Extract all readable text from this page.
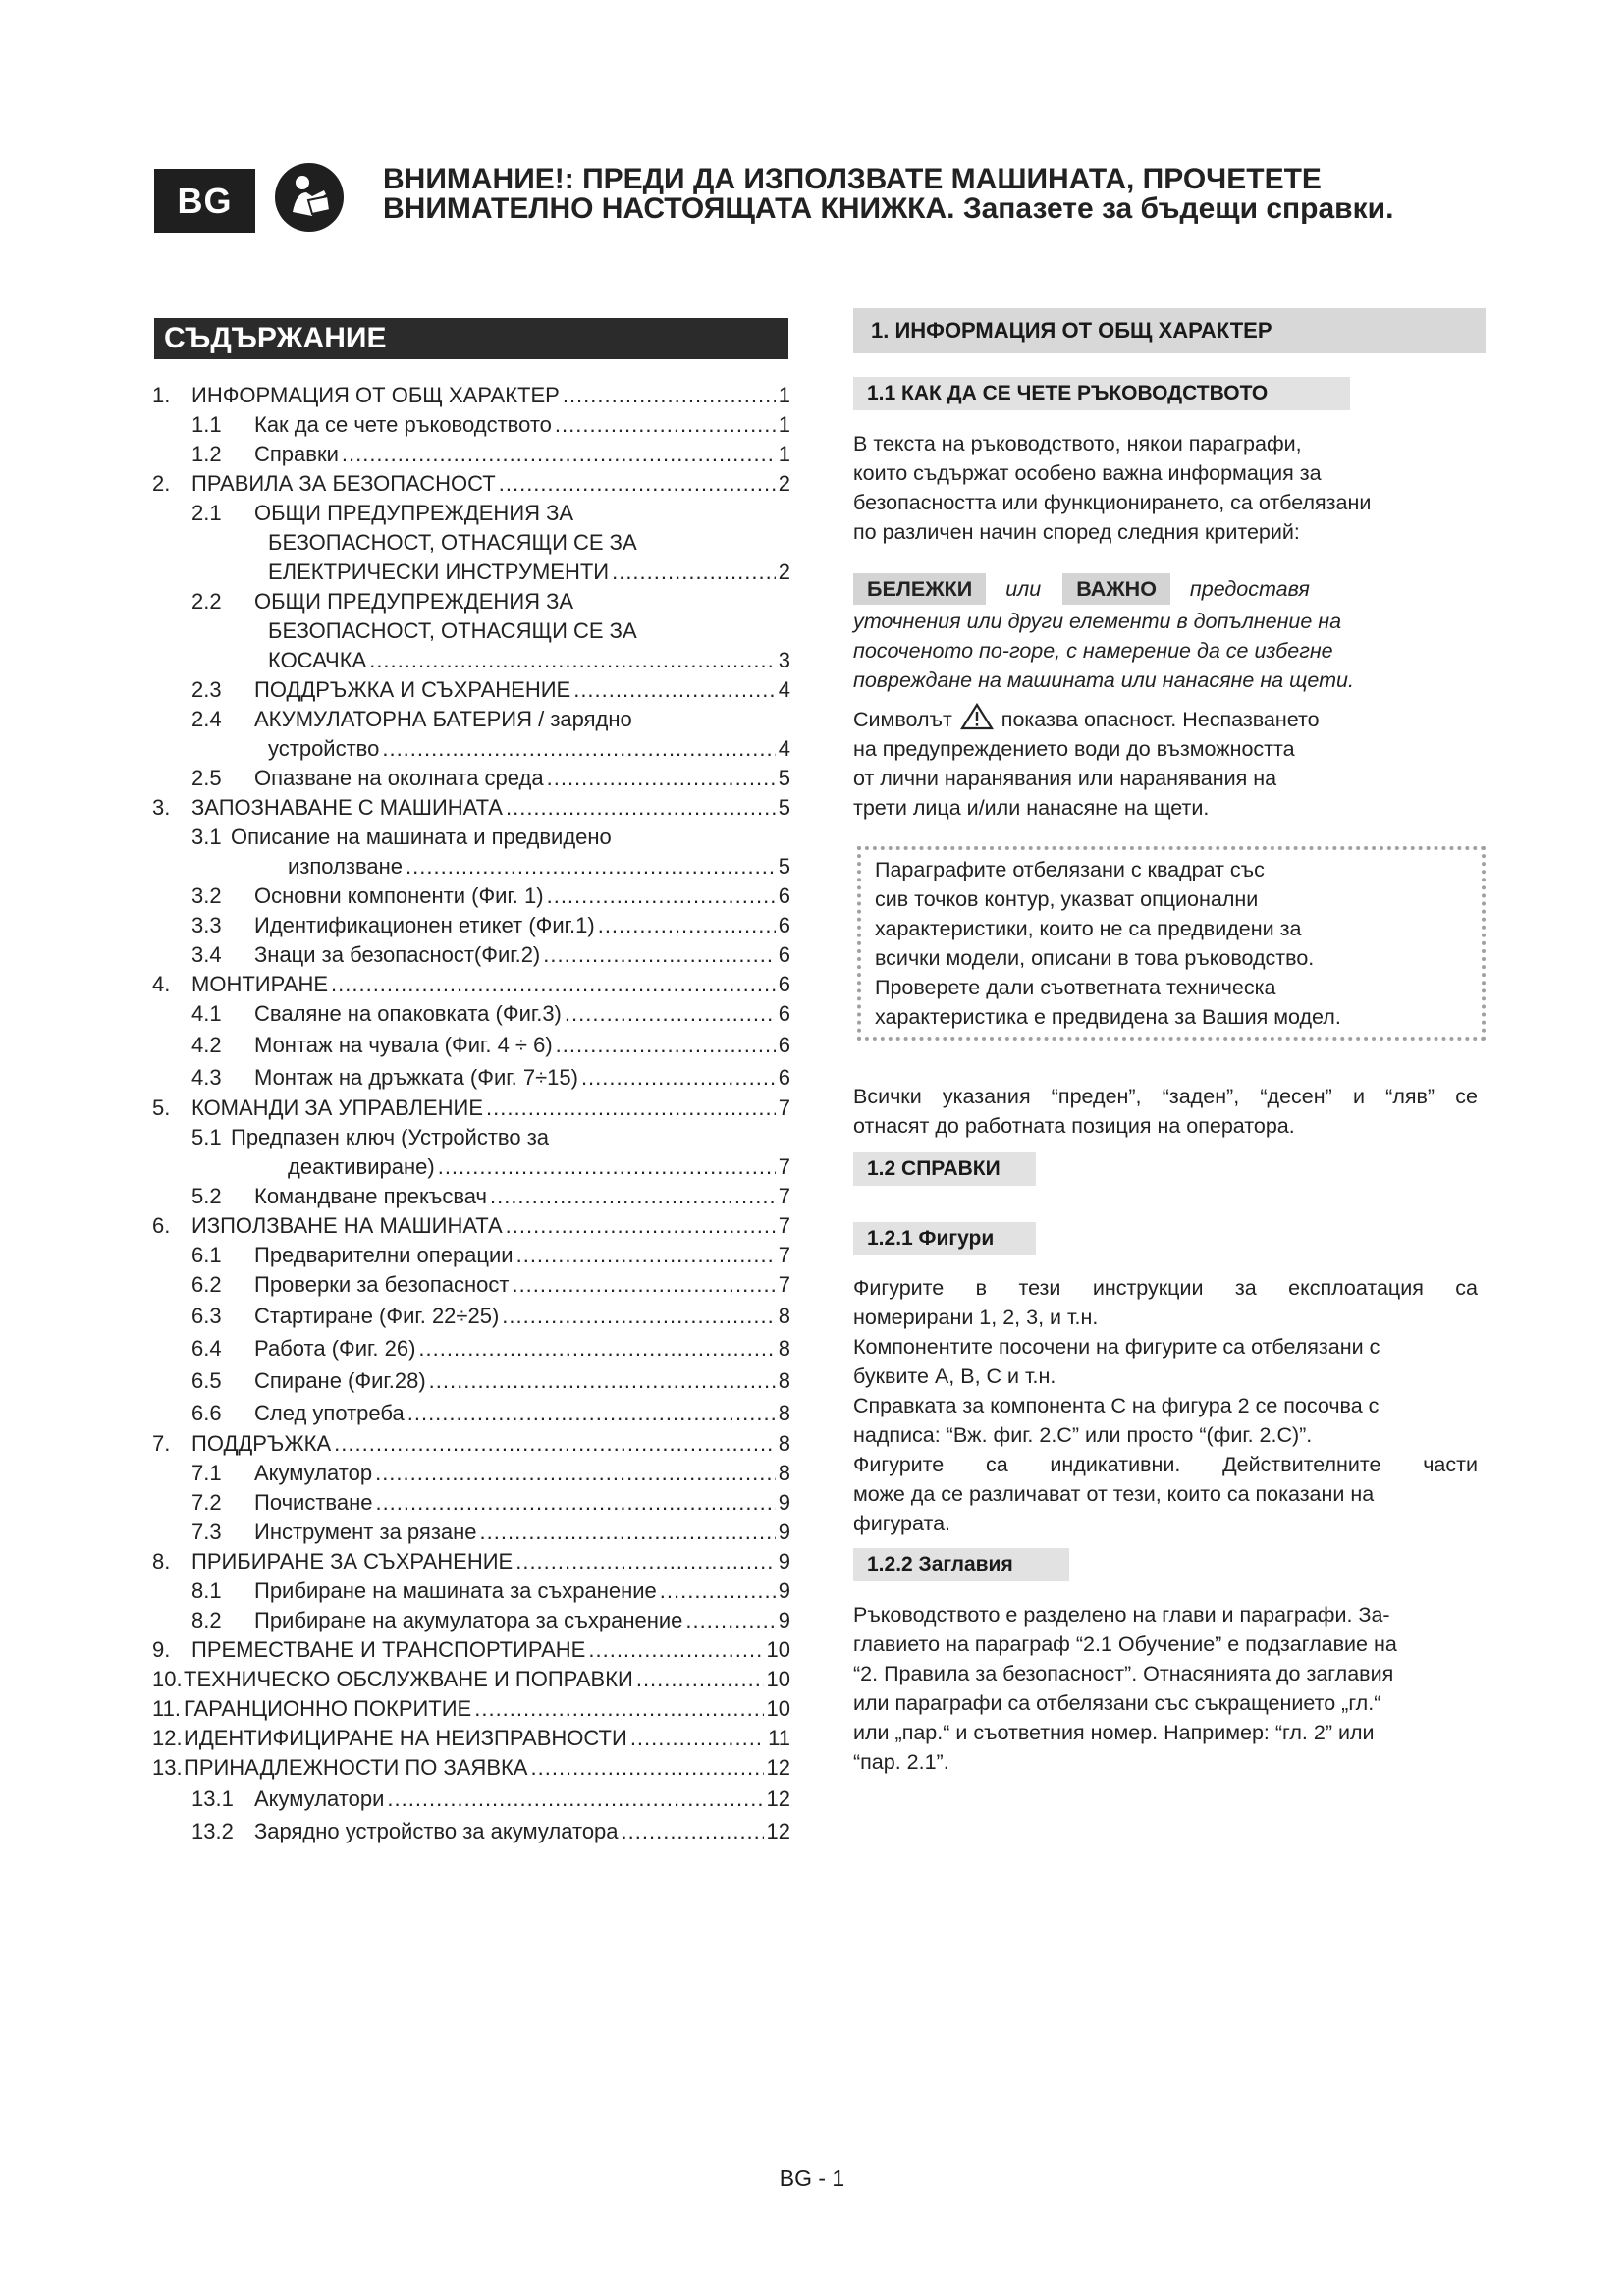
BG
ВНИМАНИЕ!: ПРЕДИ ДА ИЗПОЛЗВАТЕ МАШИНАТА, ПРОЧЕТЕТЕ
ВНИМАТЕЛНО НАСТОЯЩАТА КНИЖКА. Запазете за бъдещи справки.
СЪДЪРЖАНИЕ
1. ИНФОРМАЦИЯ ОТ ОБЩ ХАРАКТЕР .....	1
1.1	Как да се чете ръководството .....	1
1.2	Справки .....	1
2. ПРАВИЛА ЗА БЕЗОПАСНОСТ .....	2
2.1	ОБЩИ ПРЕДУПРЕЖДЕНИЯ ЗА
БЕЗОПАСНОСТ, ОТНАСЯЩИ СЕ ЗА
ЕЛЕКТРИЧЕСКИ ИНСТРУМЕНТИ .....	2
2.2	ОБЩИ ПРЕДУПРЕЖДЕНИЯ ЗА
БЕЗОПАСНОСТ, ОТНАСЯЩИ СЕ ЗА
КОСАЧКА .....	3
2.3	ПОДДРЪЖКА И СЪХРАНЕНИЕ .....	4
2.4	АКУМУЛАТОРНА БАТЕРИЯ / зарядно
устройство .....	4
2.5	Опазване на околната среда .....	5
3. ЗАПОЗНАВАНЕ С МАШИНАТА .....	5
3.1 Описание на машината и предвидено
използване .....	5
3.2	Основни компоненти (Фиг. 1) .....	6
3.3	Идентификационен етикет (Фиг.1) .....	6
3.4	Знаци за безопасност(Фиг.2) .....	6
4. МОНТИРАНЕ .....	6
4.1	Сваляне на опаковката (Фиг.3) .....	6
4.2	Монтаж на чувала (Фиг. 4 ÷ 6) .....	6
4.3	Монтаж на дръжката (Фиг. 7÷15) .....	6
5. КОМАНДИ ЗА УПРАВЛЕНИЕ .....	7
5.1 Предпазен ключ (Устройство за
деактивиране) .....	7
5.2	Командване прекъсвач .....	7
6. ИЗПОЛЗВАНЕ НА МАШИНАТА .....	7
6.1	Предварителни операции .....	7
6.2	Проверки за безопасност .....	7
6.3	Стартиране (Фиг. 22÷25) .....	8
6.4	Работа (Фиг. 26) .....	8
6.5	Спиране (Фиг.28) .....	8
6.6	След употреба .....	8
7. ПОДДРЪЖКА .....	8
7.1	Акумулатор .....	8
7.2	Почистване .....	9
7.3	Инструмент за рязане .....	9
8. ПРИБИРАНЕ ЗА СЪХРАНЕНИЕ .....	9
8.1	Прибиране на машината за съхранение .....	9
8.2	Прибиране на акумулатора за съхранение .....	9
9. ПРЕМЕСТВАНЕ И ТРАНСПОРТИРАНЕ .....	10
10. ТЕХНИЧЕСКО ОБСЛУЖВАНЕ И ПОПРАВКИ .....	10
11. ГАРАНЦИОННО ПОКРИТИЕ .....	10
12. ИДЕНТИФИЦИРАНЕ НА НЕИЗПРАВНОСТИ .....	11
13. ПРИНАДЛЕЖНОСТИ ПО ЗАЯВКА .....	12
13.1 Акумулатори .....	12
13.2 Зарядно устройство за акумулатора .....	12
1. ИНФОРМАЦИЯ ОТ ОБЩ ХАРАКТЕР
1.1 КАК ДА СЕ ЧЕТЕ РЪКОВОДСТВОТО
В текста на ръководството, някои параграфи,
които съдържат особено важна информация за
безопасността или функционирането, са отбелязани
по различен начин според следния критерий:
БЕЛЕЖКИ или ВАЖНО предоставя
уточнения или други елементи в допълнение на
посоченото по-горе, с намерение да се избегне
повреждане на машината или нанасяне на щети.
Символът показва опасност. Неспазването
на предупреждението води до възможността
от лични наранявания или наранявания на
трети лица и/или нанасяне на щети.
Параграфите отбелязани с квадрат със
сив точков контур, указват опционални
характеристики, които не са предвидени за
всички модели, описани в това ръководство.
Проверете дали съответната техническа
характеристика е предвидена за Вашия модел.
Всички указания “преден”, “заден”, “десен” и “ляв” се
отнасят до работната позиция на оператора.
1.2 СПРАВКИ
1.2.1 Фигури
Фигурите в тези инструкции за експлоатация са
номерирани 1, 2, 3, и т.н.
Компонентите посочени на фигурите са отбелязани с
буквите А, В, С и т.н.
Справката за компонента С на фигура 2 се посочва с
надписа: “Вж. фиг. 2.С” или просто “(фиг. 2.С)”.
Фигурите са индикативни. Действителните части
може да се различават от тези, които са показани на
фигурата.
1.2.2 Заглавия
Ръководството е разделено на глави и параграфи. За-
главието на параграф “2.1 Обучение” е подзаглавие на
“2. Правила за безопасност”. Отнасянията до заглавия
или параграфи са отбелязани със съкращението „гл.“
или „пар.“ и съответния номер. Например: “гл. 2” или
“пар. 2.1”.
BG - 1
